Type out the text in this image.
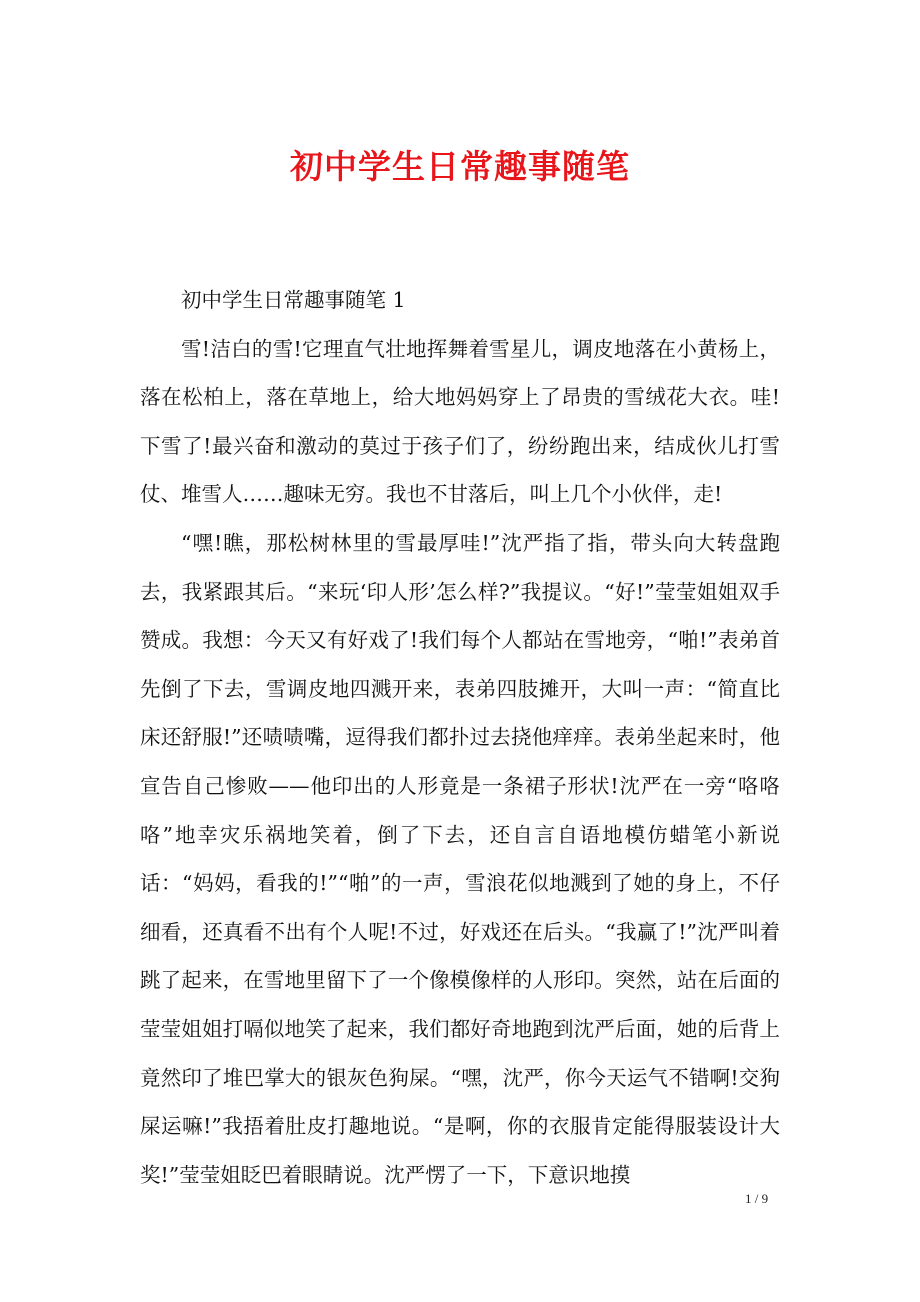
初中学生日常趣事随笔

初中学生日常趣事随笔 1

雪!洁白的雪!它理直气壮地挥舞着雪星儿，调皮地落在小黄杨上，落在松柏上，落在草地上，给大地妈妈穿上了昂贵的雪绒花大衣。哇!下雪了!最兴奋和激动的莫过于孩子们了，纷纷跑出来，结成伙儿打雪仗、堆雪人……趣味无穷。我也不甘落后，叫上几个小伙伴，走!

“嘿!瞧，那松树林里的雪最厚哇!”沈严指了指，带头向大转盘跑去，我紧跟其后。“来玩‘印人形’怎么样?”我提议。“好!”莹莹姐姐双手赞成。我想：今天又有好戏了!我们每个人都站在雪地旁，“啪!”表弟首先倒了下去，雪调皮地四溅开来，表弟四肢摊开，大叫一声：“简直比床还舒服!”还啧啧嘴，逗得我们都扑过去挠他痒痒。表弟坐起来时，他宣告自己惨败——他印出的人形竟是一条裙子形状!沈严在一旁“咯咯咯”地幸灾乐祸地笑着，倒了下去，还自言自语地模仿蜡笔小新说话：“妈妈，看我的!”“啪”的一声，雪浪花似地溅到了她的身上，不仔细看，还真看不出有个人呢!不过，好戏还在后头。“我赢了!”沈严叫着跳了起来，在雪地里留下了一个像模像样的人形印。突然，站在后面的莹莹姐姐打嗝似地笑了起来，我们都好奇地跑到沈严后面，她的后背上竟然印了堆巴掌大的银灰色狗屎。“嘿，沈严，你今天运气不错啊!交狗屎运嘛!”我捂着肚皮打趣地说。“是啊，你的衣服肯定能得服装设计大奖!”莹莹姐眨巴着眼睛说。沈严愣了一下，下意识地摸

1 / 9
